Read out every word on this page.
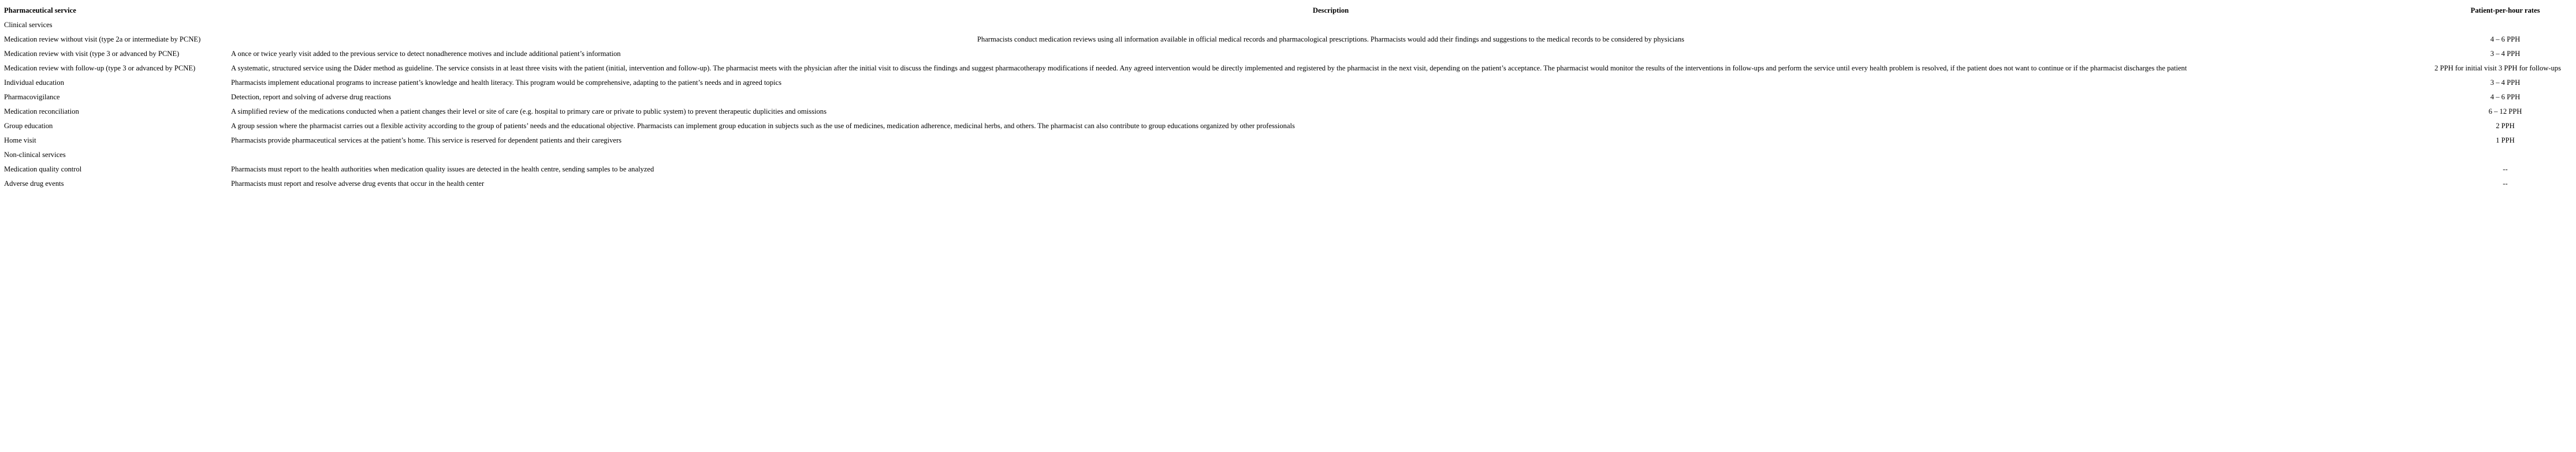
Pharmaceutical service	Description	Patient-per-hour rates
Clinical services		
Medication review without visit (type 2a or intermediate by PCNE)	Pharmacists conduct medication reviews using all information available in official medical records and pharmacological prescriptions. Pharmacists would add their findings and suggestions to the medical records to be considered by physicians	4 – 6 PPH
Medication review with visit (type 3 or advanced by PCNE)	A once or twice yearly visit added to the previous service to detect nonadherence motives and include additional patient’s information	3 – 4 PPH
Medication review with follow-up (type 3 or advanced by PCNE)	A systematic, structured service using the Dáder method as guideline. The service consists in at least three visits with the patient (initial, intervention and follow-up). The pharmacist meets with the physician after the initial visit to discuss the findings and suggest pharmacotherapy modifications if needed. Any agreed intervention would be directly implemented and registered by the pharmacist in the next visit, depending on the patient’s acceptance. The pharmacist would monitor the results of the interventions in follow-ups and perform the service until every health problem is resolved, if the patient does not want to continue or if the pharmacist discharges the patient	2 PPH for initial visit 3 PPH for follow-ups
Individual education	Pharmacists implement educational programs to increase patient’s knowledge and health literacy. This program would be comprehensive, adapting to the patient’s needs and in agreed topics	3 – 4 PPH
Pharmacovigilance	Detection, report and solving of adverse drug reactions	4 – 6 PPH
Medication reconciliation	A simplified review of the medications conducted when a patient changes their level or site of care (e.g. hospital to primary care or private to public system) to prevent therapeutic duplicities and omissions	6 – 12 PPH
Group education	A group session where the pharmacist carries out a flexible activity according to the group of patients’ needs and the educational objective. Pharmacists can implement group education in subjects such as the use of medicines, medication adherence, medicinal herbs, and others. The pharmacist can also contribute to group educations organized by other professionals	2 PPH
Home visit	Pharmacists provide pharmaceutical services at the patient’s home. This service is reserved for dependent patients and their caregivers	1 PPH
Non-clinical services		
Medication quality control	Pharmacists must report to the health authorities when medication quality issues are detected in the health centre, sending samples to be analyzed	--
Adverse drug events	Pharmacists must report and resolve adverse drug events that occur in the health center	--
